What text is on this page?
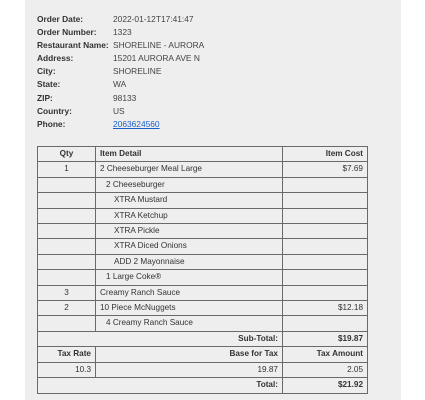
Order Date:	2022-01-12T17:41:47
Order Number:	1323
Restaurant Name: SHORELINE - AURORA
Address:	15201 AURORA AVE N
City:	SHORELINE
State:	WA
ZIP:	98133
Country:	US
Phone:	2063624560
Qty	Item Detail	Item Cost
1	2 Cheeseburger Meal Large	$7.69
	2 Cheeseburger	
	XTRA Mustard	
	XTRA Ketchup	
	XTRA Pickle	
	XTRA Diced Onions	
	ADD 2 Mayonnaise	
	1 Large Coke®	
3	Creamy Ranch Sauce	
2	10 Piece McNuggets	$12.18
	4 Creamy Ranch Sauce	
Sub-Total:		$19.87
Tax Rate	Base for Tax	Tax Amount
10.3	19.87	2.05
Total:		$21.92
